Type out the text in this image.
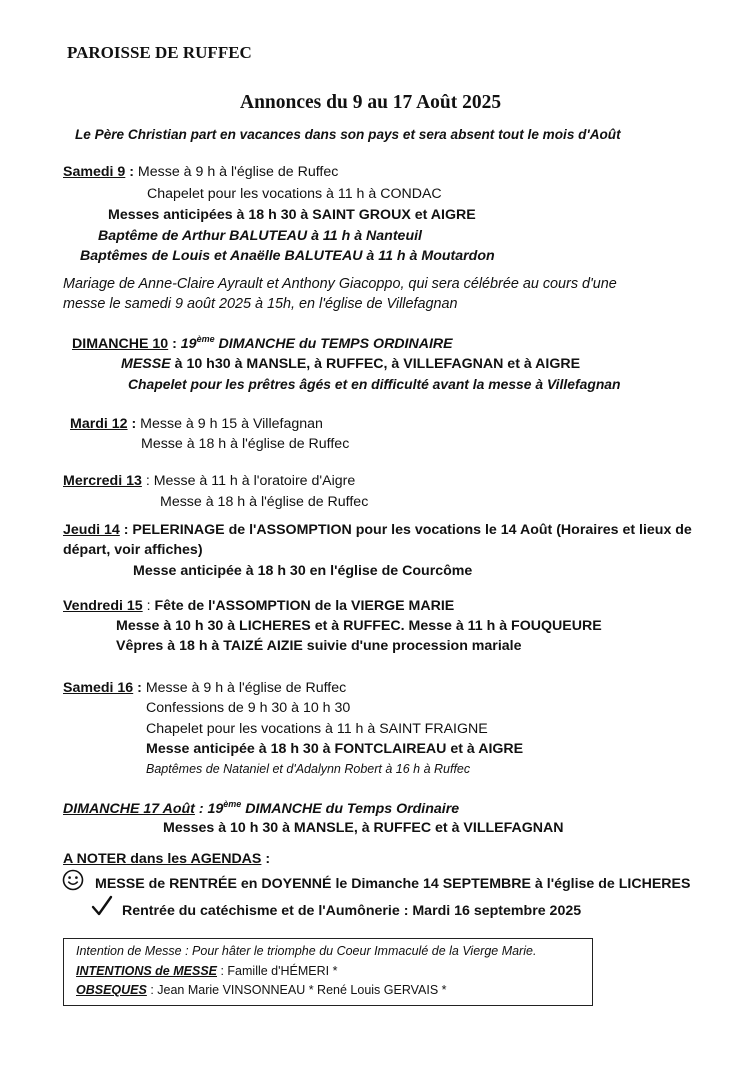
PAROISSE DE RUFFEC
Annonces du 9 au 17 Août 2025
Le Père Christian part en vacances dans son pays et sera absent tout le mois d'Août
Samedi 9 : Messe à 9 h à l'église de Ruffec
Chapelet pour les vocations à 11 h à CONDAC
Messes anticipées à 18 h 30 à SAINT GROUX et AIGRE
Baptême de Arthur BALUTEAU à 11 h à Nanteuil
Baptêmes de Louis et Anaëlle BALUTEAU à 11 h à Moutardon
Mariage de Anne-Claire Ayrault et Anthony Giacoppo, qui sera célébrée au cours d'une
messe le samedi 9 août 2025 à 15h, en l'église de Villefagnan
DIMANCHE 10 : 19ème DIMANCHE du TEMPS ORDINAIRE
MESSE à 10 h30 à MANSLE, à RUFFEC, à VILLEFAGNAN et à AIGRE
Chapelet pour les prêtres âgés et en difficulté avant la messe à Villefagnan
Mardi 12 : Messe à 9 h 15 à Villefagnan
Messe à 18 h à l'église de Ruffec
Mercredi 13 : Messe à 11 h à l'oratoire d'Aigre
Messe à 18 h à l'église de Ruffec
Jeudi 14 : PELERINAGE de l'ASSOMPTION pour les vocations le 14 Août (Horaires et lieux de
départ, voir affiches)
Messe anticipée à 18 h 30 en l'église de Courcôme
Vendredi 15 : Fête de l'ASSOMPTION de la VIERGE MARIE
Messe à 10 h 30 à LICHERES et à RUFFEC. Messe à 11 h à FOUQUEURE
Vêpres à 18 h à TAIZÉ AIZIE suivie d'une procession mariale
Samedi 16 : Messe à 9 h à l'église de Ruffec
Confessions de 9 h 30 à 10 h 30
Chapelet pour les vocations à 11 h à SAINT FRAIGNE
Messe anticipée à 18 h 30 à FONTCLAIREAU et à AIGRE
Baptêmes de Nataniel et d'Adalynn Robert à 16 h à Ruffec
DIMANCHE 17 Août : 19ème DIMANCHE du Temps Ordinaire
Messes à 10 h 30 à MANSLE, à RUFFEC et à VILLEFAGNAN
A NOTER dans les AGENDAS :
MESSE de RENTRÉE en DOYENNÉ le Dimanche 14 SEPTEMBRE à l'église de LICHERES
Rentrée du catéchisme et de l'Aumônerie : Mardi 16 septembre 2025
Intention de Messe : Pour hâter le triomphe du Coeur Immaculé de la Vierge Marie.
INTENTIONS de MESSE : Famille d'HÉMERI *
OBSEQUES : Jean Marie VINSONNEAU * René Louis GERVAIS *
